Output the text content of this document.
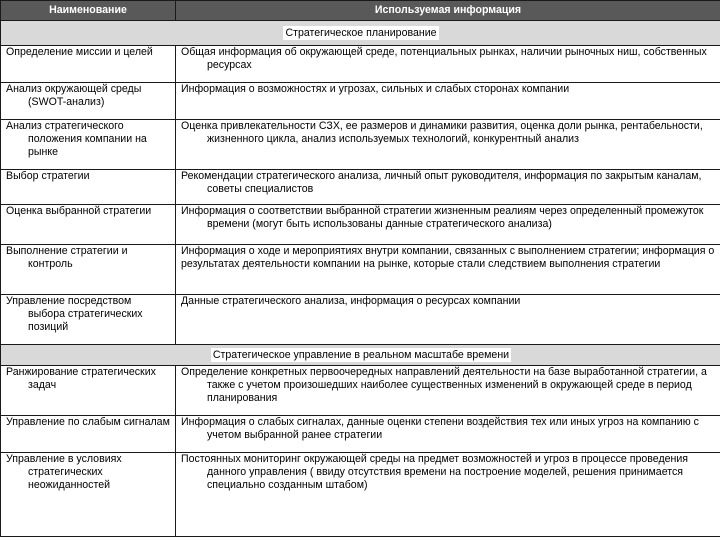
Наименование	Используемая информация
Стратегическое планирование	

Определение миссии и целей	Общая информация об окружающей среде, потенциальных рынках, наличии рыночных ниш, собственных ресурсах

Анализ окружающей среды (SWOT-анализ)	Информация о возможностях и угрозах, сильных и слабых сторонах компании

Анализ стратегического положения компании на рынке	Оценка привлекательности СЗХ, ее размеров и динамики развития, оценка доли рынка, рентабельности, жизненного цикла, анализ используемых технологий, конкурентный анализ

Выбор стратегии	Рекомендации стратегического анализа, личный опыт руководителя, информация по закрытым каналам, советы специалистов

Оценка выбранной стратегии	Информация о соответствии выбранной стратегии жизненным реалиям через определенный промежуток времени (могут быть использованы данные стратегического анализа)

Выполнение стратегии и контроль	Информация о ходе и мероприятиях внутри компании, связанных с выполнением стратегии; информация о результатах деятельности компании на рынке, которые стали следствием выполнения стратегии

Управление посредством выбора стратегических позиций	Данные стратегического анализа, информация о ресурсах компании

Стратегическое управление в реальном масштабе времени	

Ранжирование стратегических задач	Определение конкретных первоочередных направлений деятельности на базе выработанной стратегии, а также с учетом произошедших наиболее существенных изменений в окружающей среде в период планирования

Управление по слабым сигналам	Информация о слабых сигналах, данные оценки степени воздействия тех или иных угроз на компанию с учетом выбранной ранее стратегии

Управление в условиях стратегических неожиданностей	Постоянных мониторинг окружающей среды на предмет возможностей и угроз в процессе проведения данного управления ( ввиду отсутствия времени на построение моделей, решения принимается специально созданным штабом)
